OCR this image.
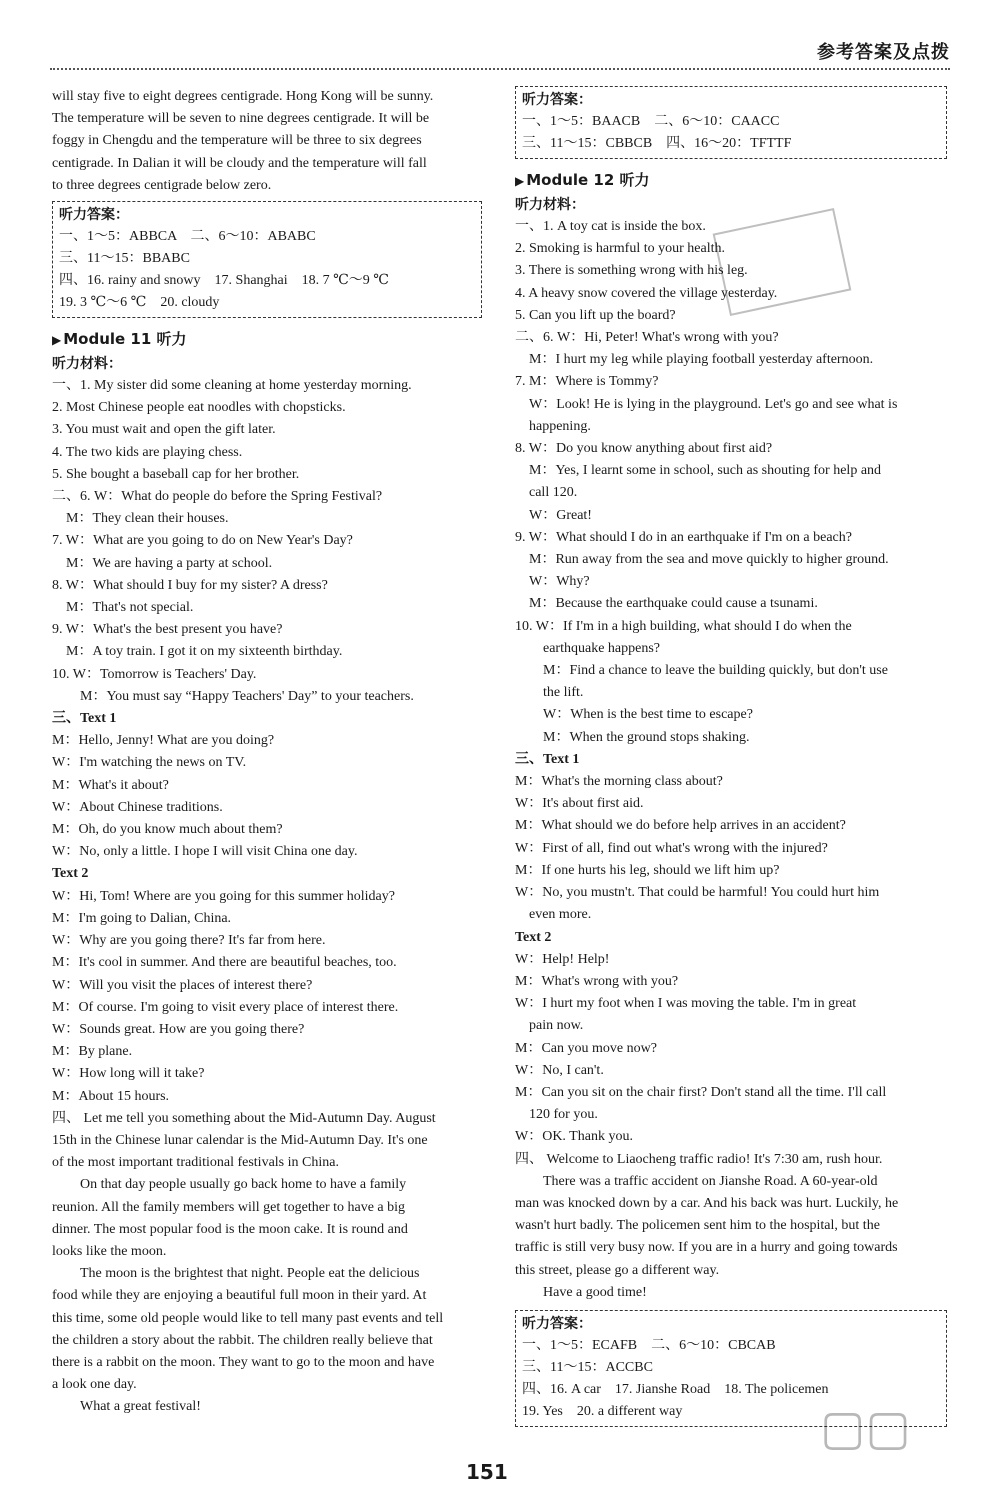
参考答案及点拨

will stay five to eight degrees centigrade. Hong Kong will be sunny.

The temperature will be seven to nine degrees centigrade. It will be

foggy in Chengdu and the temperature will be three to six degrees

centigrade. In Dalian it will be cloudy and the temperature will fall

to three degrees centigrade below zero.

听力答案：

一、1～5：ABBCA　二、6～10：ABABC

三、11～15：BBABC

四、16. rainy and snowy　17. Shanghai　18. 7 ℃～9 ℃

19. 3 ℃～6 ℃　20. cloudy

▶ Module 11 听力

听力材料：

一、1. My sister did some cleaning at home yesterday morning.

2. Most Chinese people eat noodles with chopsticks.

3. You must wait and open the gift later.

4. The two kids are playing chess.

5. She bought a baseball cap for her brother.

二、6. W：What do people do before the Spring Festival?

M：They clean their houses.

7. W：What are you going to do on New Year's Day?

M：We are having a party at school.

8. W：What should I buy for my sister? A dress?

M：That's not special.

9. W：What's the best present you have?

M：A toy train. I got it on my sixteenth birthday.

10. W：Tomorrow is Teachers' Day.

M：You must say “Happy Teachers' Day” to your teachers.

三、Text 1

M：Hello, Jenny! What are you doing?

W：I'm watching the news on TV.

M：What's it about?

W：About Chinese traditions.

M：Oh, do you know much about them?

W：No, only a little. I hope I will visit China one day.

Text 2

W：Hi, Tom! Where are you going for this summer holiday?

M：I'm going to Dalian, China.

W：Why are you going there? It's far from here.

M：It's cool in summer. And there are beautiful beaches, too.

W：Will you visit the places of interest there?

M：Of course. I'm going to visit every place of interest there.

W：Sounds great. How are you going there?

M：By plane.

W：How long will it take?

M：About 15 hours.

四、 Let me tell you something about the Mid-Autumn Day. August

15th in the Chinese lunar calendar is the Mid-Autumn Day. It's one

of the most important traditional festivals in China.

On that day people usually go back home to have a family

reunion. All the family members will get together to have a big

dinner. The most popular food is the moon cake. It is round and

looks like the moon.

The moon is the brightest that night. People eat the delicious

food while they are enjoying a beautiful full moon in their yard. At

this time, some old people would like to tell many past events and tell

the children a story about the rabbit. The children really believe that

there is a rabbit on the moon. They want to go to the moon and have

a look one day.

What a great festival!

听力答案：

一、1～5：BAACB　二、6～10：CAACC

三、11～15：CBBCB　四、16～20：TFTTF

▶ Module 12 听力

听力材料：

一、1. A toy cat is inside the box.

2. Smoking is harmful to your health.

3. There is something wrong with his leg.

4. A heavy snow covered the village yesterday.

5. Can you lift up the board?

二、6. W：Hi, Peter! What's wrong with you?

M：I hurt my leg while playing football yesterday afternoon.

7. M：Where is Tommy?

W：Look! He is lying in the playground. Let's go and see what is

happening.

8. W：Do you know anything about first aid?

M：Yes, I learnt some in school, such as shouting for help and

call 120.

W：Great!

9. W：What should I do in an earthquake if I'm on a beach?

M：Run away from the sea and move quickly to higher ground.

W：Why?

M：Because the earthquake could cause a tsunami.

10. W：If I'm in a high building, what should I do when the

earthquake happens?

M：Find a chance to leave the building quickly, but don't use

the lift.

W：When is the best time to escape?

M：When the ground stops shaking.

三、Text 1

M：What's the morning class about?

W：It's about first aid.

M：What should we do before help arrives in an accident?

W：First of all, find out what's wrong with the injured?

M：If one hurts his leg, should we lift him up?

W：No, you mustn't. That could be harmful! You could hurt him

even more.

Text 2

W：Help! Help!

M：What's wrong with you?

W：I hurt my foot when I was moving the table. I'm in great

pain now.

M：Can you move now?

W：No, I can't.

M：Can you sit on the chair first? Don't stand all the time. I'll call

120 for you.

W：OK. Thank you.

四、 Welcome to Liaocheng traffic radio! It's 7:30 am, rush hour.

There was a traffic accident on Jianshe Road. A 60-year-old

man was knocked down by a car. And his back was hurt. Luckily, he

wasn't hurt badly. The policemen sent him to the hospital, but the

traffic is still very busy now. If you are in a hurry and going towards

this street, please go a different way.

Have a good time!

听力答案：

一、1～5：ECAFB　二、6～10：CBCAB

三、11～15：ACCBC

四、16. A car　17. Jianshe Road　18. The policemen

19. Yes　20. a different way	▢▢
151
